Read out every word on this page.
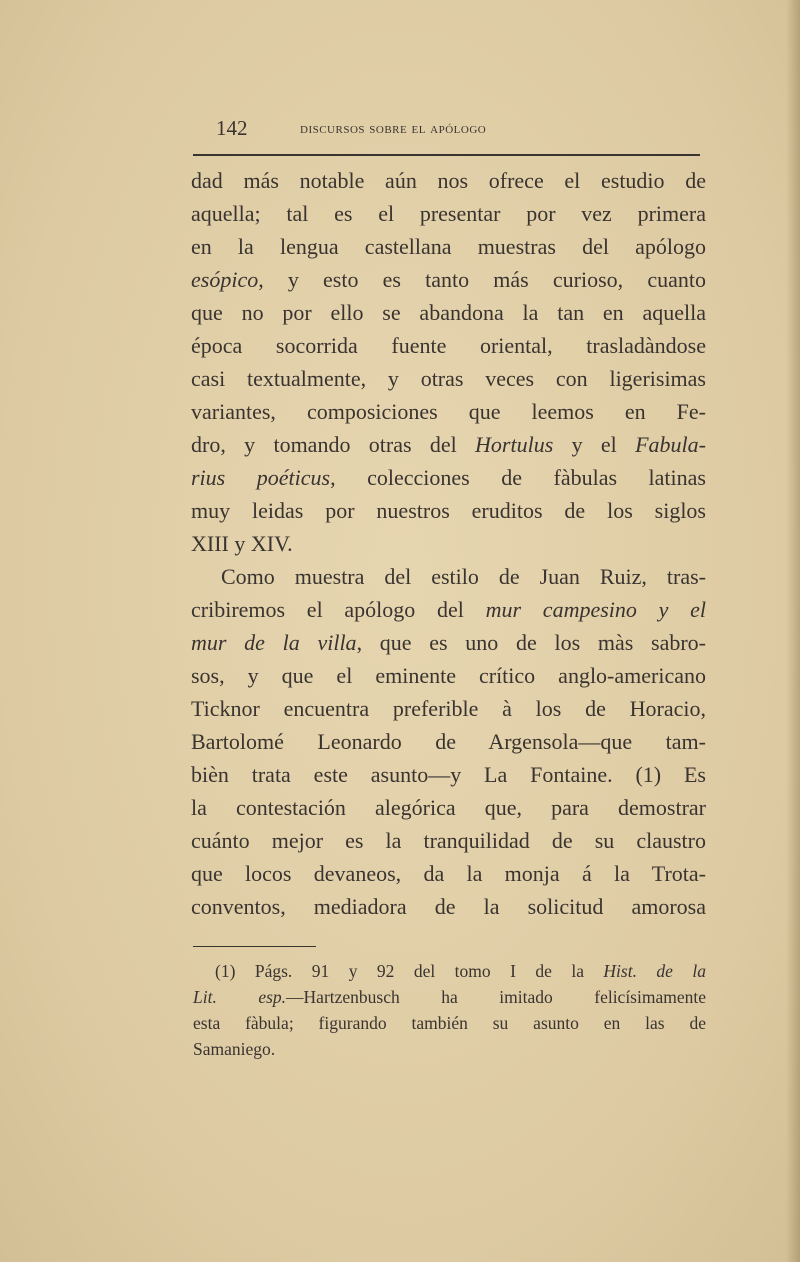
142	discursos sobre el apólogo
dad más notable aún nos ofrece el estudio de
aquella; tal es el presentar por vez primera
en la lengua castellana muestras del apólogo
esópico, y esto es tanto más curioso, cuanto
que no por ello se abandona la tan en aquella
época socorrida fuente oriental, trasladàndose
casi textualmente, y otras veces con ligerisimas
variantes, composiciones que leemos en Fe-
dro, y tomando otras del Hortulus y el Fabula-
rius poéticus, colecciones de fàbulas latinas
muy leidas por nuestros eruditos de los siglos
XIII y XIV.
Como muestra del estilo de Juan Ruiz, tras-
cribiremos el apólogo del mur campesino y el
mur de la villa, que es uno de los màs sabro-
sos, y que el eminente crítico anglo-americano
Ticknor encuentra preferible à los de Horacio,
Bartolomé Leonardo de Argensola—que tam-
bièn trata este asunto—y La Fontaine. (1) Es
la contestación alegórica que, para demostrar
cuánto mejor es la tranquilidad de su claustro
que locos devaneos, da la monja á la Trota-
conventos, mediadora de la solicitud amorosa
(1) Págs. 91 y 92 del tomo I de la Hist. de la
Lit. esp.—Hartzenbusch ha imitado felicísimamente
esta fàbula; figurando también su asunto en las de
Samaniego.
